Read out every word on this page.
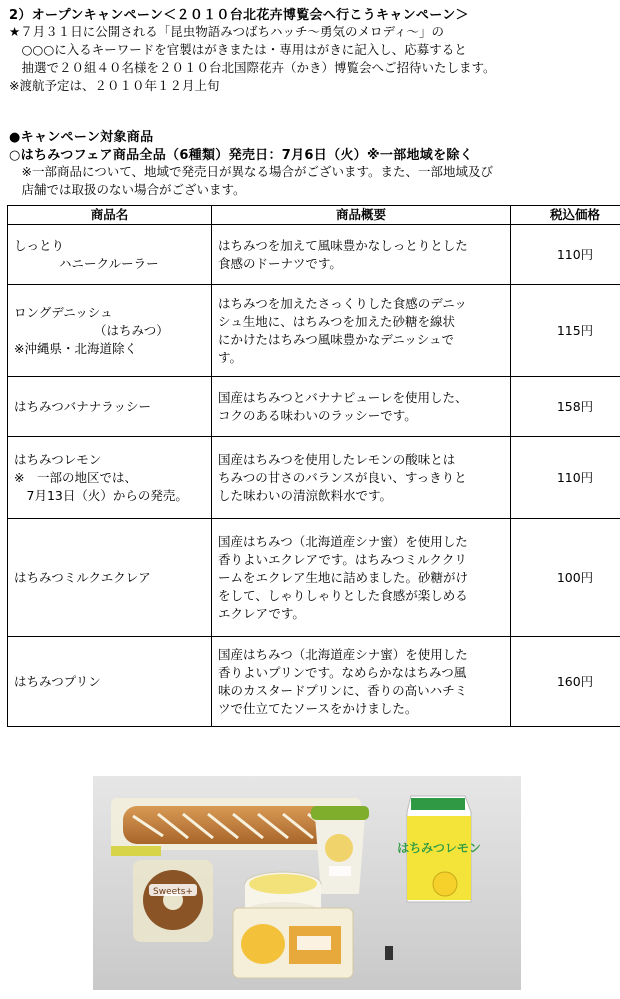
2）オープンキャンペーン＜２０１０台北花卉博覧会へ行こうキャンペーン＞
★７月３１日に公開される「昆虫物語みつばちハッチ～勇気のメロディ～」の
　○○○に入るキーワードを官製はがきまたは・専用はがきに記入し、応募すると
　抽選で２０組４０名様を２０１０台北国際花卉（かき）博覧会へご招待いたします。
※渡航予定は、２０１０年１２月上旬
●キャンペーン対象商品
○はちみつフェア商品全品（6種類）発売日：7月6日（火）※一部地域を除く
　※一部商品について、地域で発売日が異なる場合がございます。また、一部地域及び
　店舗では取扱のない場合がございます。
商品名	商品概要	税込価格

しっとり
ハニークルーラー	はちみつを加えて風味豊かなしっとりとした
食感のドーナツです。	110円

ロングデニッシュ
（はちみつ）
※沖縄県・北海道除く	はちみつを加えたさっくりした食感のデニッ
シュ生地に、はちみつを加えた砂糖を線状
にかけたはちみつ風味豊かなデニッシュで
す。	115円

はちみつバナナラッシー	国産はちみつとバナナピューレを使用した、
コクのある味わいのラッシーです。	158円

はちみつレモン
※　一部の地区では、
　7月13日（火）からの発売。	国産はちみつを使用したレモンの酸味とは
ちみつの甘さのバランスが良い、すっきりと
した味わいの清涼飲料水です。	110円

はちみつミルクエクレア	国産はちみつ（北海道産シナ蜜）を使用した
香りよいエクレアです。はちみつミルククリ
ームをエクレア生地に詰めました。砂糖がけ
をして、しゃりしゃりとした食感が楽しめる
エクレアです。	100円

はちみつプリン	国産はちみつ（北海道産シナ蜜）を使用した
香りよいプリンです。なめらかなはちみつ風
味のカスタードプリンに、香りの高いハチミ
ツで仕立てたソースをかけました。	160円
はちみつレモン
Sweets+
